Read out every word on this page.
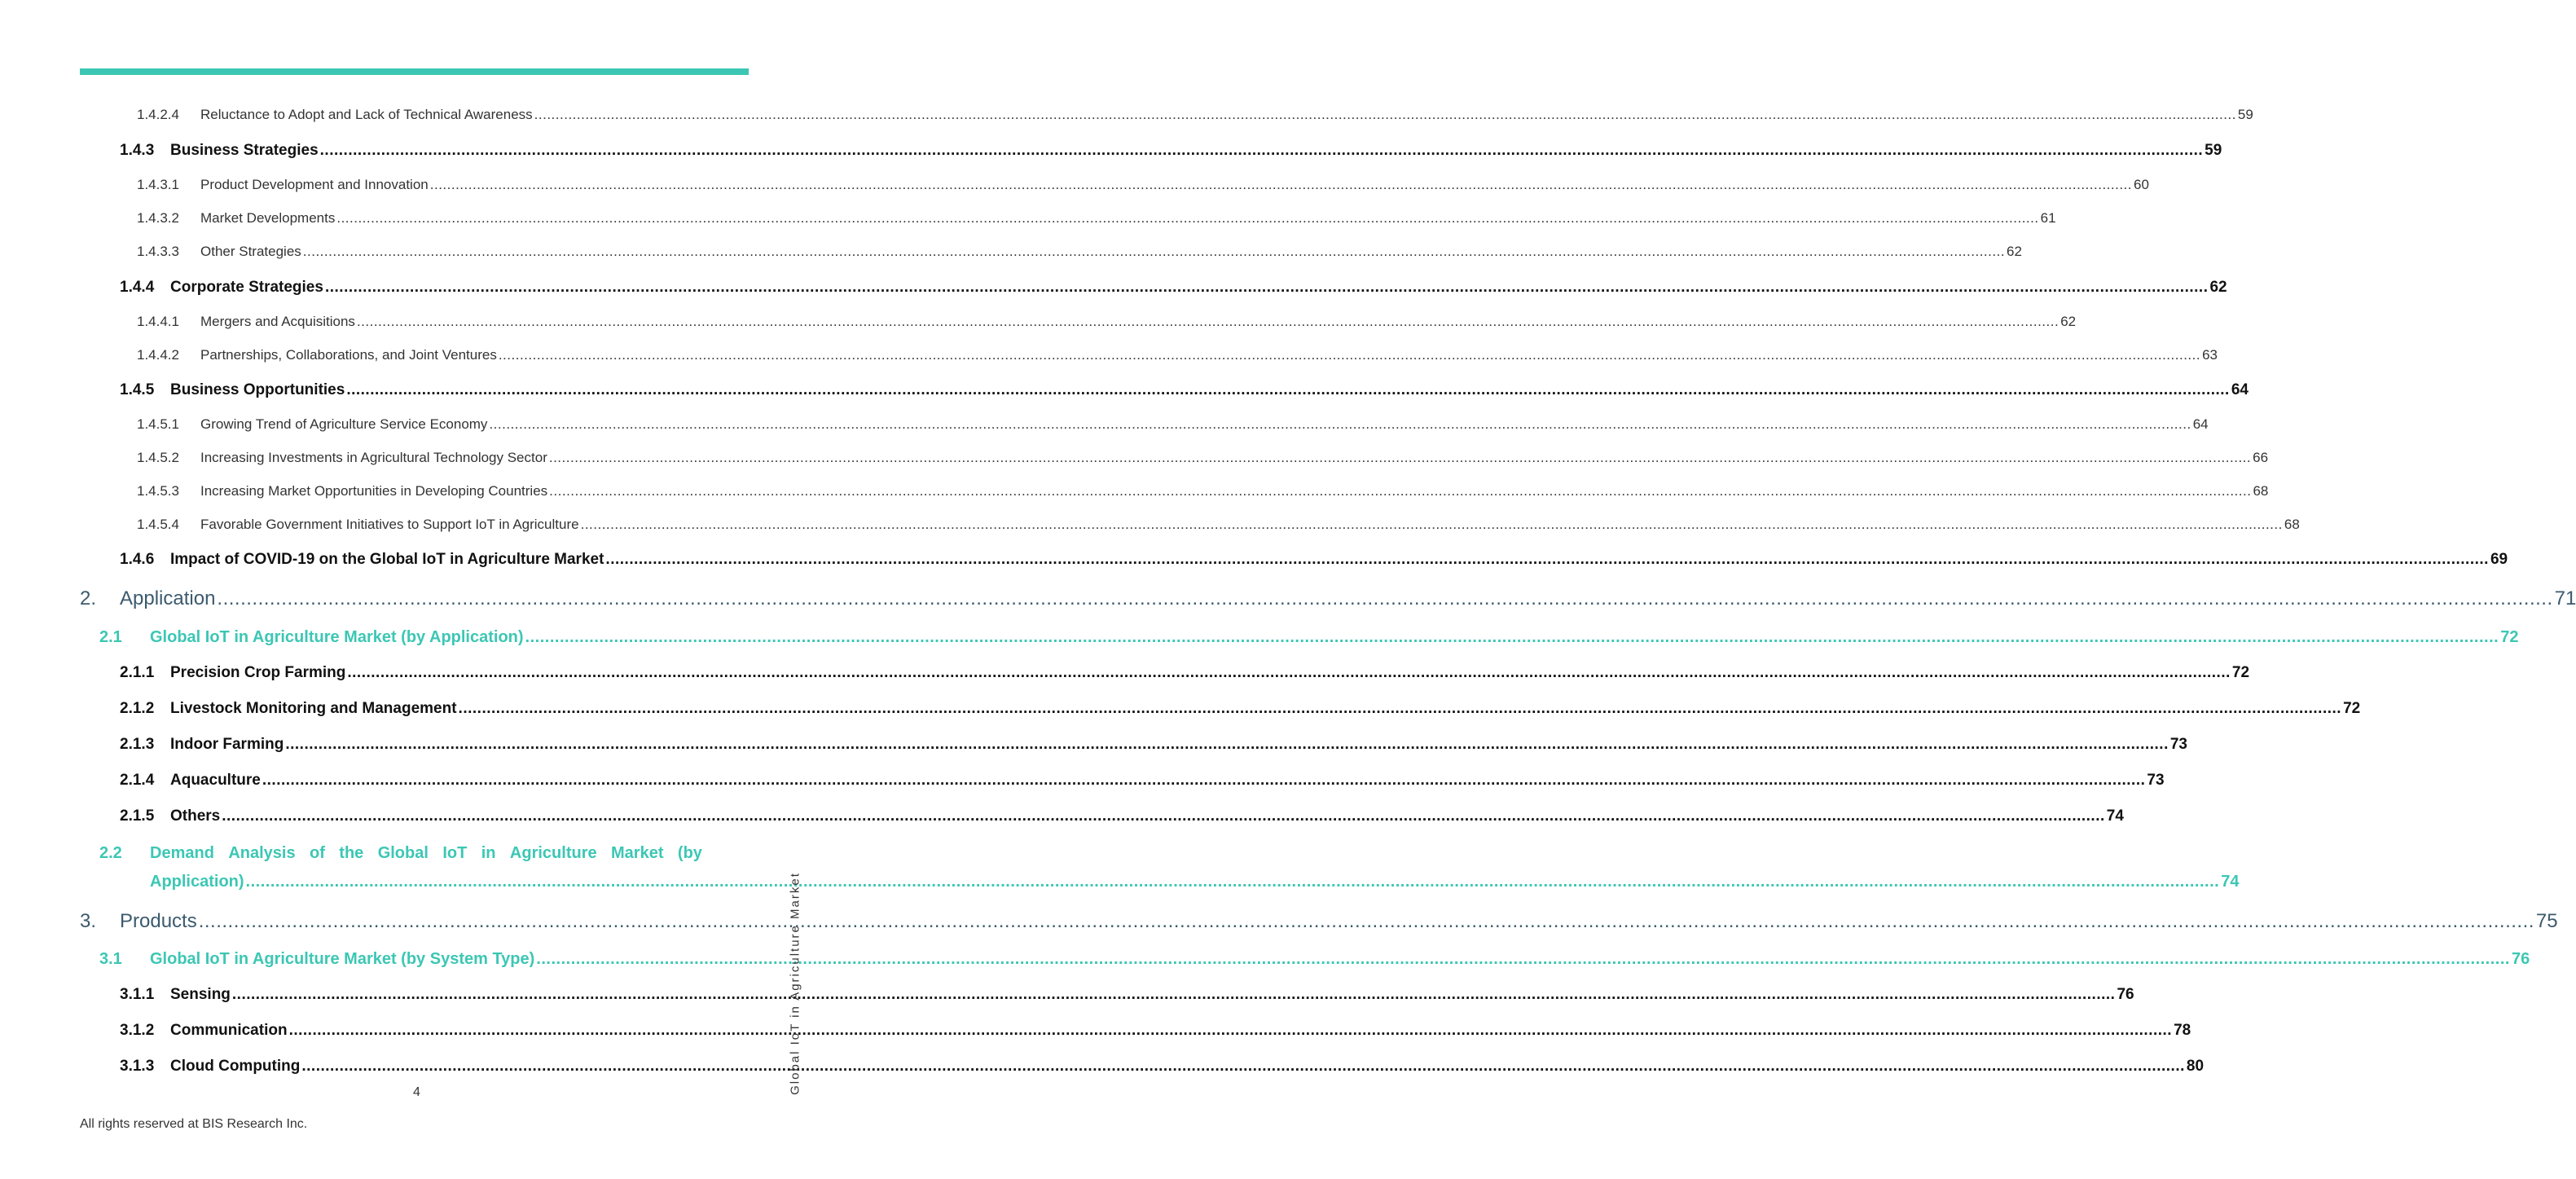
1.4.2.4	Reluctance to Adopt and Lack of Technical Awareness ................................................................................................................................................................................................................................................................................................................................................................................................................ 59
1.4.3	Business Strategies ................................................................................................................................................................................................................................................................................................................................................................................................................ 59
1.4.3.1	Product Development and Innovation ................................................................................................................................................................................................................................................................................................................................................................................................................ 60
1.4.3.2	Market Developments ................................................................................................................................................................................................................................................................................................................................................................................................................ 61
1.4.3.3	Other Strategies ................................................................................................................................................................................................................................................................................................................................................................................................................ 62
1.4.4	Corporate Strategies ................................................................................................................................................................................................................................................................................................................................................................................................................ 62
1.4.4.1	Mergers and Acquisitions ................................................................................................................................................................................................................................................................................................................................................................................................................ 62
1.4.4.2	Partnerships, Collaborations, and Joint Ventures ................................................................................................................................................................................................................................................................................................................................................................................................................ 63
1.4.5	Business Opportunities ................................................................................................................................................................................................................................................................................................................................................................................................................ 64
1.4.5.1	Growing Trend of Agriculture Service Economy ................................................................................................................................................................................................................................................................................................................................................................................................................ 64
1.4.5.2	Increasing Investments in Agricultural Technology Sector ................................................................................................................................................................................................................................................................................................................................................................................................................ 66
1.4.5.3	Increasing Market Opportunities in Developing Countries ................................................................................................................................................................................................................................................................................................................................................................................................................ 68
1.4.5.4	Favorable Government Initiatives to Support IoT in Agriculture ................................................................................................................................................................................................................................................................................................................................................................................................................ 68
1.4.6	Impact of COVID-19 on the Global IoT in Agriculture Market ................................................................................................................................................................................................................................................................................................................................................................................................................ 69
2.	Application ................................................................................................................................................................................................................................................................................................................................................................................................................ 71
2.1	Global IoT in Agriculture Market (by Application) ................................................................................................................................................................................................................................................................................................................................................................................................................ 72
2.1.1	Precision Crop Farming ................................................................................................................................................................................................................................................................................................................................................................................................................ 72
2.1.2	Livestock Monitoring and Management ................................................................................................................................................................................................................................................................................................................................................................................................................ 72
2.1.3	Indoor Farming ................................................................................................................................................................................................................................................................................................................................................................................................................ 73
2.1.4	Aquaculture ................................................................................................................................................................................................................................................................................................................................................................................................................ 73
2.1.5	Others ................................................................................................................................................................................................................................................................................................................................................................................................................ 74
2.2 Demand Analysis of the Global IoT in Agriculture Market (by
Application) ................................................................................................................................................................................................................................................................................................................................................................................................................ 74
3.	Products ................................................................................................................................................................................................................................................................................................................................................................................................................ 75
3.1	Global IoT in Agriculture Market (by System Type) ................................................................................................................................................................................................................................................................................................................................................................................................................ 76
3.1.1	Sensing ................................................................................................................................................................................................................................................................................................................................................................................................................ 76
3.1.2	Communication ................................................................................................................................................................................................................................................................................................................................................................................................................ 78
3.1.3	Cloud Computing ................................................................................................................................................................................................................................................................................................................................................................................................................ 80
4
All rights reserved at BIS Research Inc.
Global IoT in Agriculture Market
